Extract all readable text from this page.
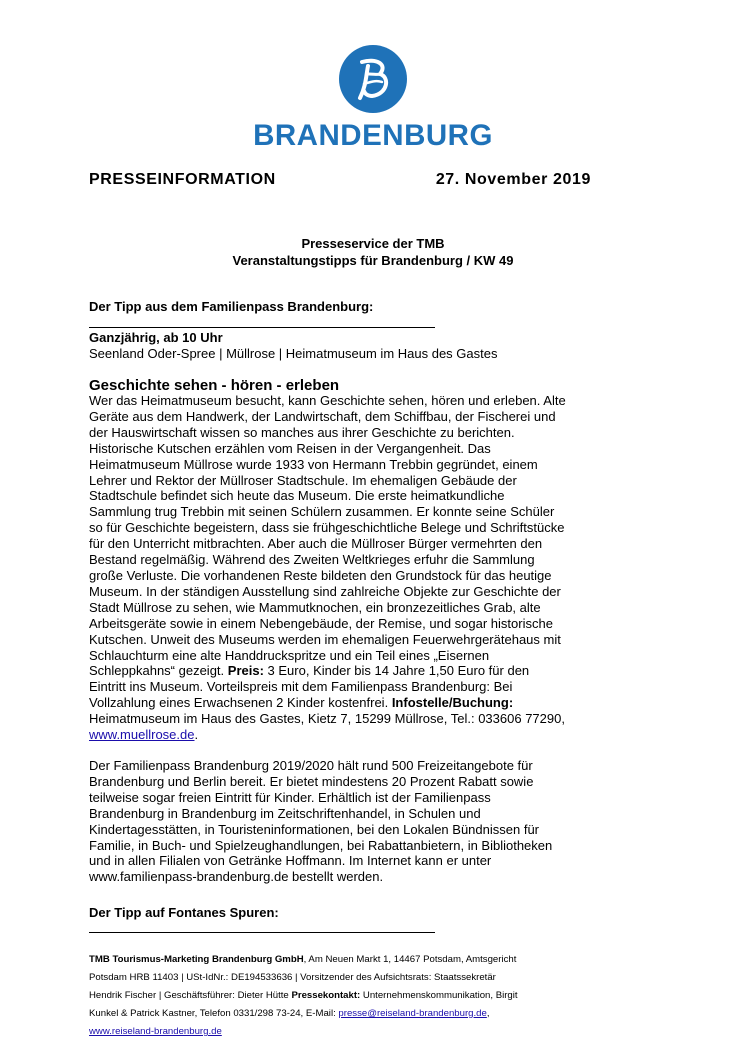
BRANDENBURG
PRESSEINFORMATION	27. November 2019
Presseservice der TMB
Veranstaltungstipps für Brandenburg / KW 49
Der Tipp aus dem Familienpass Brandenburg:
Ganzjährig, ab 10 Uhr
Seenland Oder-Spree | Müllrose | Heimatmuseum im Haus des Gastes
Geschichte sehen - hören - erleben
Wer das Heimatmuseum besucht, kann Geschichte sehen, hören und erleben. Alte
Geräte aus dem Handwerk, der Landwirtschaft, dem Schiffbau, der Fischerei und
der Hauswirtschaft wissen so manches aus ihrer Geschichte zu berichten.
Historische Kutschen erzählen vom Reisen in der Vergangenheit. Das
Heimatmuseum Müllrose wurde 1933 von Hermann Trebbin gegründet, einem
Lehrer und Rektor der Müllroser Stadtschule. Im ehemaligen Gebäude der
Stadtschule befindet sich heute das Museum. Die erste heimatkundliche
Sammlung trug Trebbin mit seinen Schülern zusammen. Er konnte seine Schüler
so für Geschichte begeistern, dass sie frühgeschichtliche Belege und Schriftstücke
für den Unterricht mitbrachten. Aber auch die Müllroser Bürger vermehrten den
Bestand regelmäßig. Während des Zweiten Weltkrieges erfuhr die Sammlung
große Verluste. Die vorhandenen Reste bildeten den Grundstock für das heutige
Museum. In der ständigen Ausstellung sind zahlreiche Objekte zur Geschichte der
Stadt Müllrose zu sehen, wie Mammutknochen, ein bronzezeitliches Grab, alte
Arbeitsgeräte sowie in einem Nebengebäude, der Remise, und sogar historische
Kutschen. Unweit des Museums werden im ehemaligen Feuerwehrgerätehaus mit
Schlauchturm eine alte Handdruckspritze und ein Teil eines „Eisernen
Schleppkahns“ gezeigt. Preis: 3 Euro, Kinder bis 14 Jahre 1,50 Euro für den
Eintritt ins Museum. Vorteilspreis mit dem Familienpass Brandenburg: Bei
Vollzahlung eines Erwachsenen 2 Kinder kostenfrei. Infostelle/Buchung:
Heimatmuseum im Haus des Gastes, Kietz 7, 15299 Müllrose, Tel.: 033606 77290,
www.muellrose.de.
Der Familienpass Brandenburg 2019/2020 hält rund 500 Freizeitangebote für
Brandenburg und Berlin bereit. Er bietet mindestens 20 Prozent Rabatt sowie
teilweise sogar freien Eintritt für Kinder. Erhältlich ist der Familienpass
Brandenburg in Brandenburg im Zeitschriftenhandel, in Schulen und
Kindertagesstätten, in Touristeninformationen, bei den Lokalen Bündnissen für
Familie, in Buch- und Spielzeughandlungen, bei Rabattanbietern, in Bibliotheken
und in allen Filialen von Getränke Hoffmann. Im Internet kann er unter
www.familienpass-brandenburg.de bestellt werden.
Der Tipp auf Fontanes Spuren:
TMB Tourismus-Marketing Brandenburg GmbH, Am Neuen Markt 1, 14467 Potsdam, Amtsgericht
Potsdam HRB 11403 | USt-IdNr.: DE194533636 | Vorsitzender des Aufsichtsrats: Staatssekretär
Hendrik Fischer | Geschäftsführer: Dieter Hütte Pressekontakt: Unternehmenskommunikation, Birgit
Kunkel & Patrick Kastner, Telefon 0331/298 73-24, E-Mail: presse@reiseland-brandenburg.de,
www.reiseland-brandenburg.de
